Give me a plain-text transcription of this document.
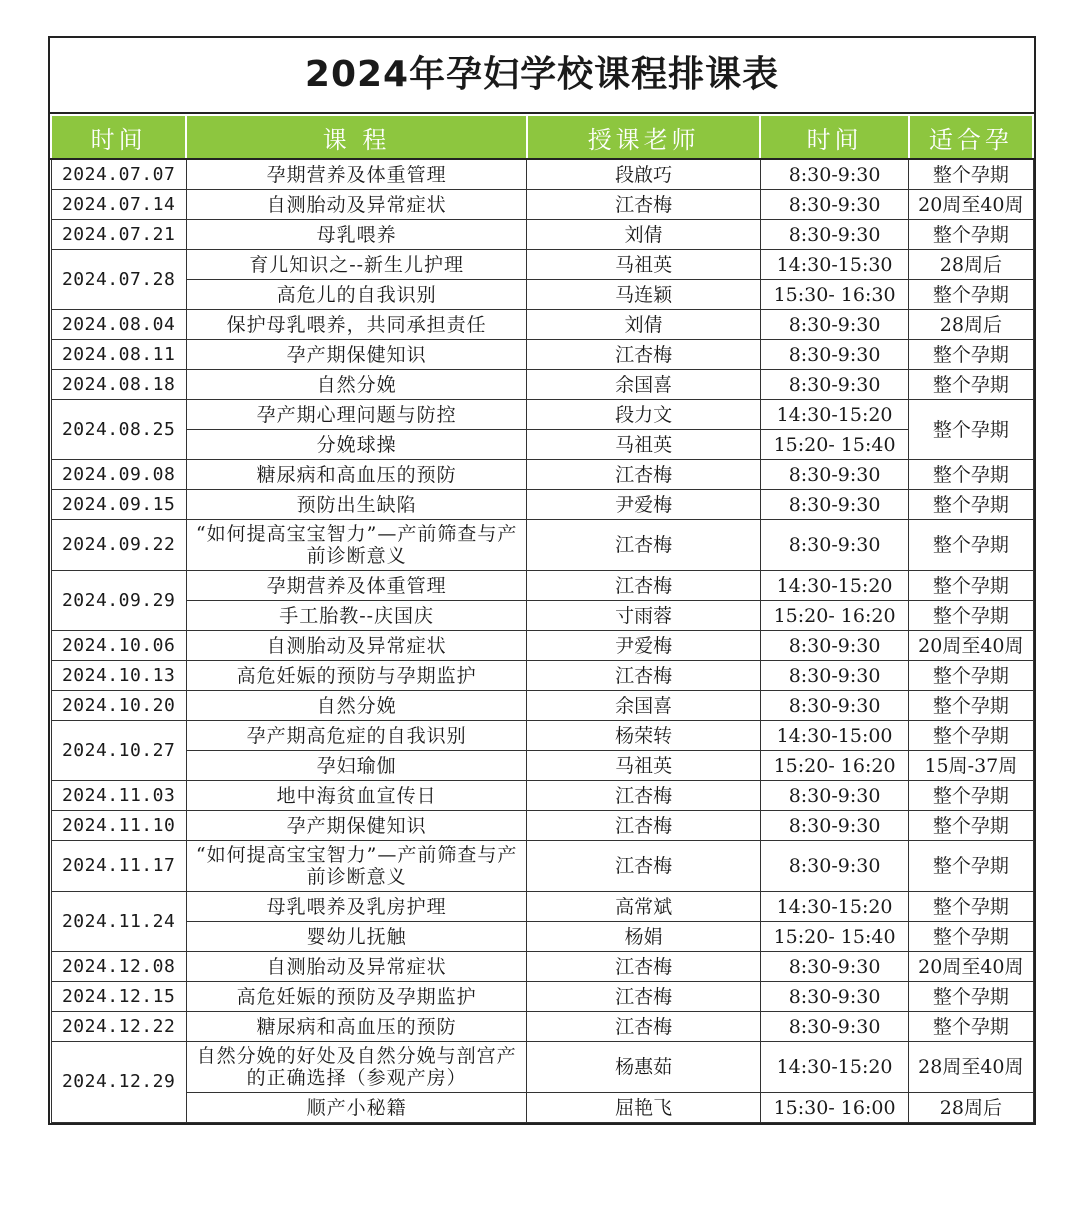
2024年孕妇学校课程排课表
时间	课 程	授课老师	时间	适合孕
2024.07.07	孕期营养及体重管理	段啟巧	8:30-9:30	整个孕期
2024.07.14	自测胎动及异常症状	江杏梅	8:30-9:30	20周至40周
2024.07.21	母乳喂养	刘倩	8:30-9:30	整个孕期
2024.07.28	育儿知识之--新生儿护理	马祖英	14:30-15:30	28周后
	高危儿的自我识别	马连颖	15:30- 16:30	整个孕期
2024.08.04	保护母乳喂养，共同承担责任	刘倩	8:30-9:30	28周后
2024.08.11	孕产期保健知识	江杏梅	8:30-9:30	整个孕期
2024.08.18	自然分娩	余国喜	8:30-9:30	整个孕期
2024.08.25	孕产期心理问题与防控	段力文	14:30-15:20	整个孕期
	分娩球操	马祖英	15:20- 15:40	
2024.09.08	糖尿病和高血压的预防	江杏梅	8:30-9:30	整个孕期
2024.09.15	预防出生缺陷	尹爱梅	8:30-9:30	整个孕期
2024.09.22	“如何提高宝宝智力”—产前筛查与产前诊断意义	江杏梅	8:30-9:30	整个孕期
2024.09.29	孕期营养及体重管理	江杏梅	14:30-15:20	整个孕期
	手工胎教--庆国庆	寸雨蓉	15:20- 16:20	整个孕期
2024.10.06	自测胎动及异常症状	尹爱梅	8:30-9:30	20周至40周
2024.10.13	高危妊娠的预防与孕期监护	江杏梅	8:30-9:30	整个孕期
2024.10.20	自然分娩	余国喜	8:30-9:30	整个孕期
2024.10.27	孕产期高危症的自我识别	杨荣转	14:30-15:00	整个孕期
	孕妇瑜伽	马祖英	15:20- 16:20	15周-37周
2024.11.03	地中海贫血宣传日	江杏梅	8:30-9:30	整个孕期
2024.11.10	孕产期保健知识	江杏梅	8:30-9:30	整个孕期
2024.11.17	“如何提高宝宝智力”—产前筛查与产前诊断意义	江杏梅	8:30-9:30	整个孕期
2024.11.24	母乳喂养及乳房护理	高常斌	14:30-15:20	整个孕期
	婴幼儿抚触	杨娟	15:20- 15:40	整个孕期
2024.12.08	自测胎动及异常症状	江杏梅	8:30-9:30	20周至40周
2024.12.15	高危妊娠的预防及孕期监护	江杏梅	8:30-9:30	整个孕期
2024.12.22	糖尿病和高血压的预防	江杏梅	8:30-9:30	整个孕期
2024.12.29	自然分娩的好处及自然分娩与剖宫产的正确选择（参观产房）	杨惠茹	14:30-15:20	28周至40周
	顺产小秘籍	屈艳飞	15:30- 16:00	28周后
